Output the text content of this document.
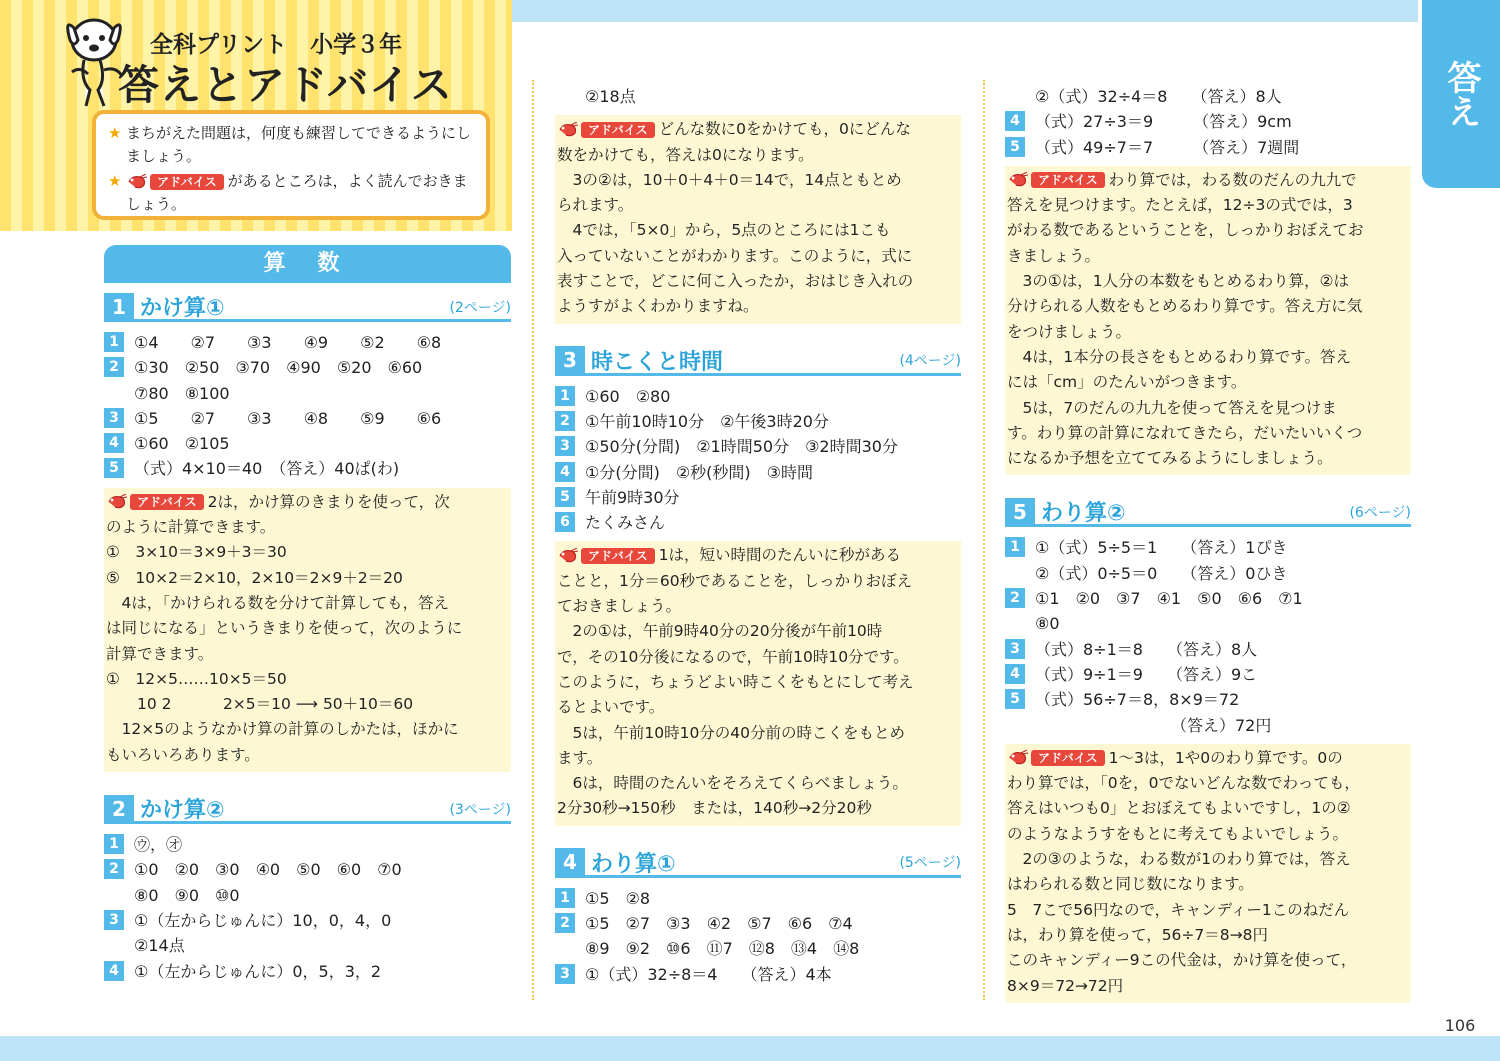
答え
106
全科プリント　小学３年
答えとアドバイス
★ まちがえた問題は，何度も練習してできるようにしましょう。
★	アドバイス があるところは，よく読んでおきましょう。
算 数
1 かけ算①	(2ページ)
1 ①4　　②7　　③3　　④9　　⑤2　　⑥8
2 ①30　②50　③70　④90　⑤20　⑥60
⑦80　⑧100
3 ①5　　②7　　③3　　④8　　⑤9　　⑥6
4 ①60　②105
5 （式）4×10＝40　（答え）40ぱ(わ)

アドバイス 2は，かけ算のきまりを使って，次

のように計算できます。

①　3×10＝3×9＋3＝30

⑤　10×2＝2×10，2×10＝2×9＋2＝20

　4は，「かけられる数を分けて計算しても，答え

は同じになる」というきまりを使って，次のように

計算できます。

①　12×5……10×5＝50

　　10 2　　　 2×5＝10 ⟶ 50＋10＝60

　12×5のようなかけ算の計算のしかたは，ほかに

もいろいろあります。

2 かけ算②	(3ページ)
1 ㋒，㋔
2 ①0　②0　③0　④0　⑤0　⑥0　⑦0
⑧0　⑨0　⑩0
3 ①（左からじゅんに）10，0，4，0
②14点
4 ①（左からじゅんに）0，5，3，2
②18点

アドバイス どんな数に0をかけても，0にどんな

数をかけても，答えは0になります。

　3の②は，10＋0＋4＋0＝14で，14点ともとめ

られます。

　4では，「5×0」から，5点のところには1こも

入っていないことがわかります。このように，式に

表すことで，どこに何こ入ったか，おはじき入れの

ようすがよくわかりますね。

3 時こくと時間	(4ページ)
1 ①60　②80
2 ①午前10時10分　②午後3時20分
3 ①50分(分間)　②1時間50分　③2時間30分
4 ①分(分間)　②秒(秒間)　③時間
5 午前9時30分
6 たくみさん

アドバイス 1は，短い時間のたんいに秒がある

ことと，1分＝60秒であることを，しっかりおぼえ

ておきましょう。

　2の①は，午前9時40分の20分後が午前10時

で，その10分後になるので，午前10時10分です。

このように，ちょうどよい時こくをもとにして考え

るとよいです。

　5は，午前10時10分の40分前の時こくをもとめ

ます。

　6は，時間のたんいをそろえてくらべましょう。

2分30秒→150秒　または，140秒→2分20秒

4 わり算①	(5ページ)
1 ①5　②8
2 ①5　②7　③3　④2　⑤7　⑥6　⑦4
⑧9　⑨2　⑩6　⑪7　⑫8　⑬4　⑭8
3 ①（式）32÷8＝4　　（答え）4本
②（式）32÷4＝8　　（答え）8人
4 （式）27÷3＝9　　　（答え）9cm
5 （式）49÷7＝7　　　（答え）7週間

アドバイス わり算では，わる数のだんの九九で

答えを見つけます。たとえば，12÷3の式では，3

がわる数であるということを，しっかりおぼえてお

きましょう。

　3の①は，1人分の本数をもとめるわり算，②は

分けられる人数をもとめるわり算です。答え方に気

をつけましょう。

　4は，1本分の長さをもとめるわり算です。答え

には「cm」のたんいがつきます。

　5は，7のだんの九九を使って答えを見つけま

す。わり算の計算になれてきたら，だいたいいくつ

になるか予想を立ててみるようにしましょう。

5 わり算②	(6ページ)
1 ①（式）5÷5＝1　　（答え）1ぴき
②（式）0÷5＝0　　（答え）0ひき
2 ①1　②0　③7　④1　⑤0　⑥6　⑦1
⑧0
3 （式）8÷1＝8　　（答え）8人
4 （式）9÷1＝9　　（答え）9こ
5 （式）56÷7＝8，8×9＝72
　　　　　　　　　（答え）72円

アドバイス 1～3は，1や0のわり算です。0の

わり算では，「0を，0でないどんな数でわっても，

答えはいつも0」とおぼえてもよいですし，1の②

のようなようすをもとに考えてもよいでしょう。

　2の③のような，わる数が1のわり算では，答え

はわられる数と同じ数になります。

5　7こで56円なので，キャンディー1このねだん

は，わり算を使って，56÷7＝8→8円

このキャンディー9この代金は，かけ算を使って，

8×9＝72→72円
